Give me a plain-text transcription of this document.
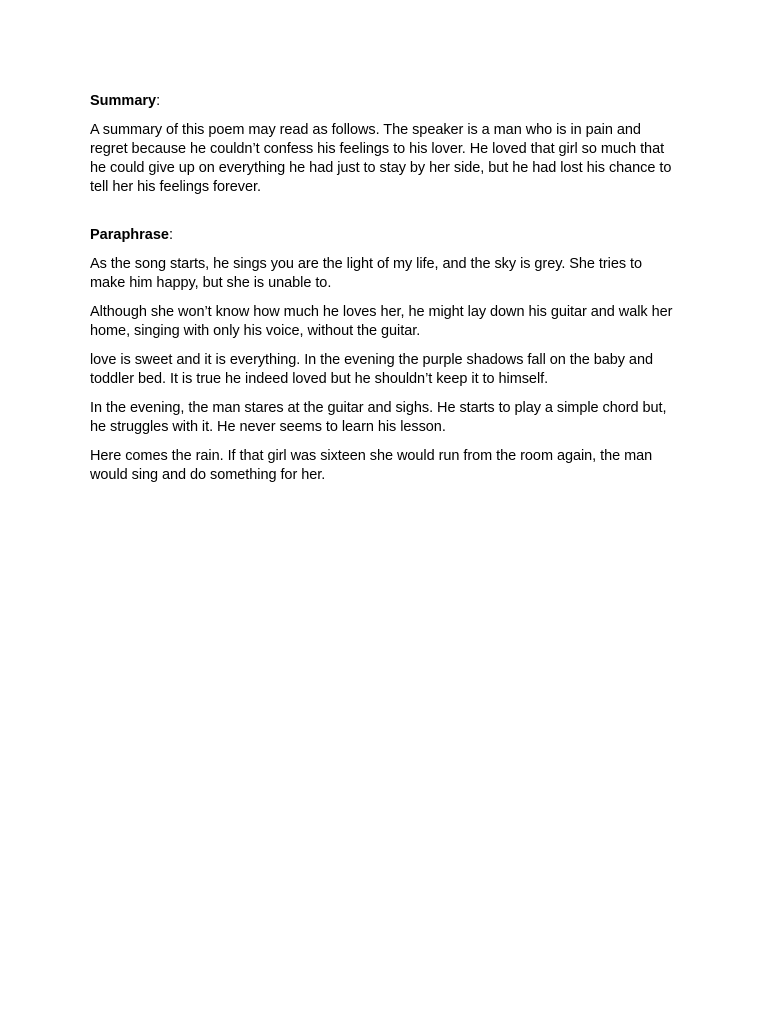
Summary:

A summary of this poem may read as follows. The speaker is a man who is in pain and regret because he couldn’t confess his feelings to his lover. He loved that girl so much that he could give up on everything he had just to stay by her side, but he had lost his chance to tell her his feelings forever.

Paraphrase:

As the song starts, he sings you are the light of my life, and the sky is grey. She tries to make him happy, but she is unable to.

Although she won’t know how much he loves her, he might lay down his guitar and walk her home, singing with only his voice, without the guitar.

love is sweet and it is everything. In the evening the purple shadows fall on the baby and toddler bed. It is true he indeed loved but he shouldn’t keep it to himself.

In the evening, the man stares at the guitar and sighs. He starts to play a simple chord but, he struggles with it. He never seems to learn his lesson.

Here comes the rain. If that girl was sixteen she would run from the room again, the man would sing and do something for her.
